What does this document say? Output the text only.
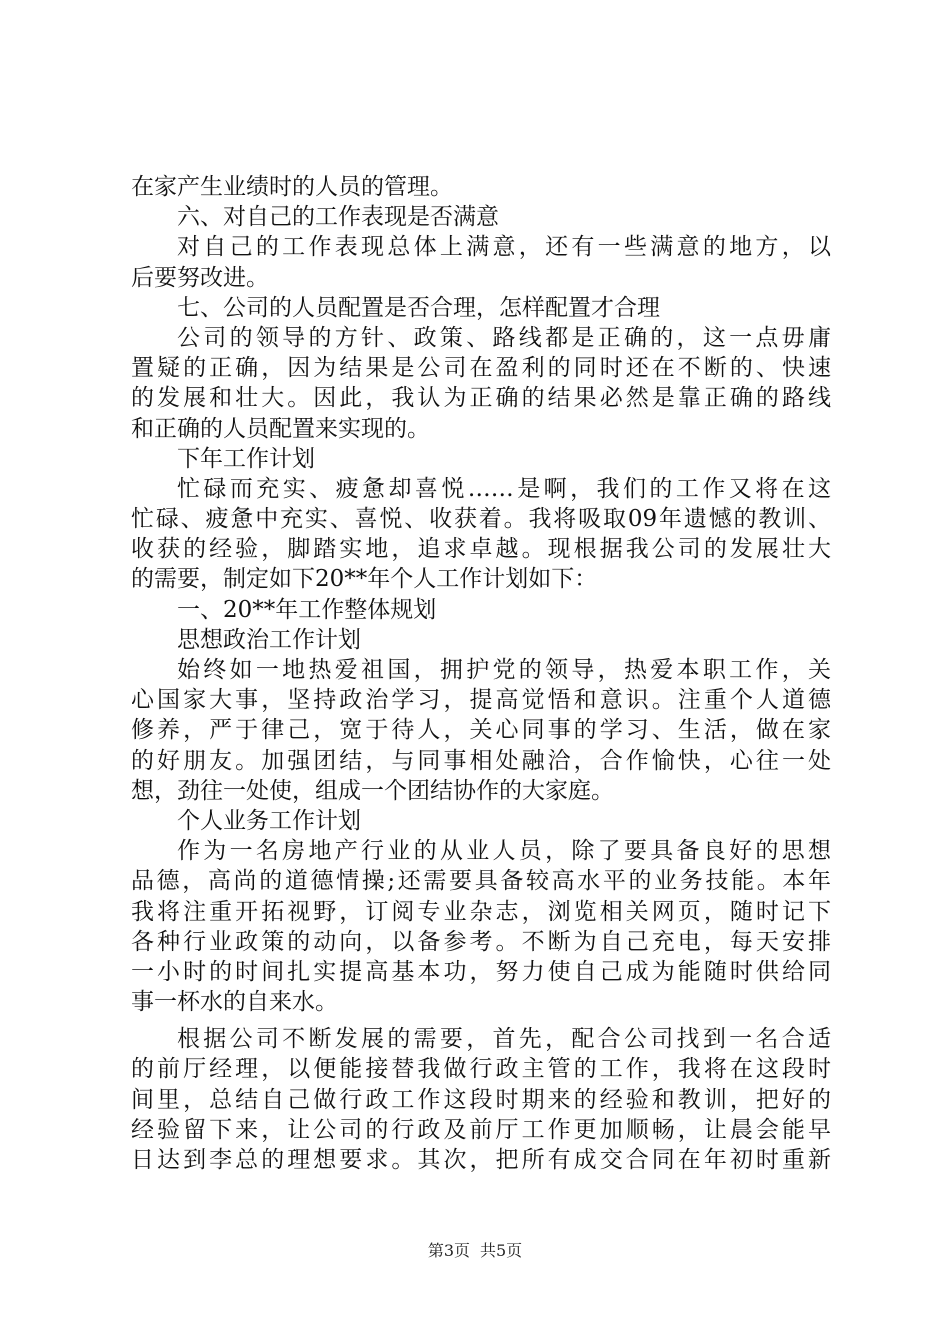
在家产生业绩时的人员的管理。
六、对自己的工作表现是否满意
对自己的工作表现总体上满意，还有一些满意的地方，以
后要努改进。
七、公司的人员配置是否合理，怎样配置才合理
公司的领导的方针、政策、路线都是正确的，这一点毋庸
置疑的正确，因为结果是公司在盈利的同时还在不断的、快速
的发展和壮大。因此，我认为正确的结果必然是靠正确的路线
和正确的人员配置来实现的。
下年工作计划
忙碌而充实、疲惫却喜悦……是啊，我们的工作又将在这
忙碌、疲惫中充实、喜悦、收获着。我将吸取09年遗憾的教训、
收获的经验，脚踏实地，追求卓越。现根据我公司的发展壮大
的需要，制定如下20**年个人工作计划如下：
一、20**年工作整体规划
思想政治工作计划
始终如一地热爱祖国，拥护党的领导，热爱本职工作，关
心国家大事，坚持政治学习，提高觉悟和意识。注重个人道德
修养，严于律己，宽于待人，关心同事的学习、生活，做在家
的好朋友。加强团结，与同事相处融洽，合作愉快，心往一处
想，劲往一处使，组成一个团结协作的大家庭。
个人业务工作计划
作为一名房地产行业的从业人员，除了要具备良好的思想
品德，高尚的道德情操;还需要具备较高水平的业务技能。本年
我将注重开拓视野，订阅专业杂志，浏览相关网页，随时记下
各种行业政策的动向，以备参考。不断为自己充电，每天安排
一小时的时间扎实提高基本功，努力使自己成为能随时供给同
事一杯水的自来水。
根据公司不断发展的需要，首先，配合公司找到一名合适
的前厅经理，以便能接替我做行政主管的工作，我将在这段时
间里，总结自己做行政工作这段时期来的经验和教训，把好的
经验留下来，让公司的行政及前厅工作更加顺畅，让晨会能早
日达到李总的理想要求。其次，把所有成交合同在年初时重新
第3页 共5页
